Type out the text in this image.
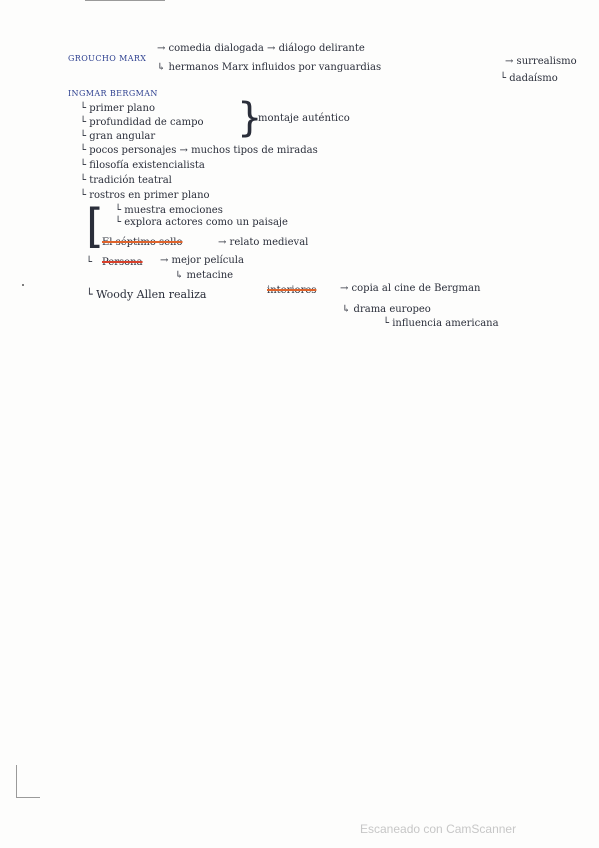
GROUCHO MARX
→ comedia dialogada → diálogo delirante
↳ hermanos Marx influidos por vanguardias
→ surrealismo
└ dadaísmo
INGMAR BERGMAN
└ primer plano
└ profundidad de campo
└ gran angular }
montaje auténtico
└ pocos personajes → muchos tipos de miradas
└ filosofía existencialista
└ tradición teatral
└ rostros en primer plano
[ └ muestra emociones
└ explora actores como un paisaje
El séptimo sello	→ relato medieval
└ Persona → mejor película
↳ metacine
└ Woody Allen realiza	interiores → copia al cine de Bergman
↳ drama europeo
└ influencia americana
Escaneado con CamScanner
